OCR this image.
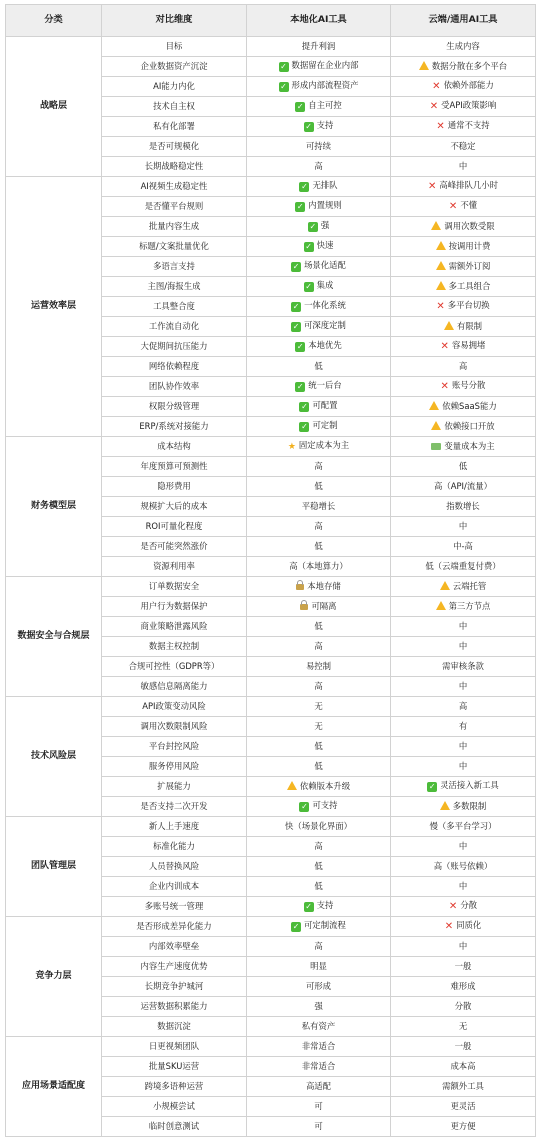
分类	对比维度	本地化AI工具	云端/通用AI工具
战略层	目标	提升利润	生成内容
	企业数据资产沉淀	✓ 数据留在企业内部	数据分散在多个平台
	AI能力内化	✓ 形成内部流程资产	✕ 依赖外部能力
	技术自主权	✓ 自主可控	✕ 受API政策影响
	私有化部署	✓ 支持	✕ 通常不支持
	是否可规模化	可持续	不稳定
	长期战略稳定性	高	中
运营效率层	AI视频生成稳定性	✓ 无排队	✕ 高峰排队几小时
	是否懂平台规则	✓ 内置规则	✕ 不懂
	批量内容生成	✓ 强	调用次数受限
	标题/文案批量优化	✓ 快速	按调用计费
	多语言支持	✓ 场景化适配	需额外订阅
	主图/海报生成	✓ 集成	多工具组合
	工具整合度	✓ 一体化系统	✕ 多平台切换
	工作流自动化	✓ 可深度定制	有限制
	大促期间抗压能力	✓ 本地优先	✕ 容易拥堵
	网络依赖程度	低	高
	团队协作效率	✓ 统一后台	✕ 账号分散
	权限分级管理	✓ 可配置	依赖SaaS能力
	ERP/系统对接能力	✓ 可定制	依赖接口开放
财务模型层	成本结构	★ 固定成本为主	变量成本为主
	年度预算可预测性	高	低
	隐形费用	低	高（API/流量）
	规模扩大后的成本	平稳增长	指数增长
	ROI可量化程度	高	中
	是否可能突然涨价	低	中-高
	资源利用率	高（本地算力）	低（云端重复付费）
数据安全与合规层	订单数据安全	本地存储	云端托管
	用户行为数据保护	可隔离	第三方节点
	商业策略泄露风险	低	中
	数据主权控制	高	中
	合规可控性（GDPR等）	易控制	需审核条款
	敏感信息隔离能力	高	中
技术风险层	API政策变动风险	无	高
	调用次数限制风险	无	有
	平台封控风险	低	中
	服务停用风险	低	中
	扩展能力	依赖版本升级	✓ 灵活接入新工具
	是否支持二次开发	✓ 可支持	多数限制
团队管理层	新人上手速度	快（场景化界面）	慢（多平台学习）
	标准化能力	高	中
	人员替换风险	低	高（账号依赖）
	企业内训成本	低	中
	多账号统一管理	✓ 支持	✕ 分散
竞争力层	是否形成差异化能力	✓ 可定制流程	✕ 同质化
	内部效率壁垒	高	中
	内容生产速度优势	明显	一般
	长期竞争护城河	可形成	难形成
	运营数据积累能力	强	分散
	数据沉淀	私有资产	无
应用场景适配度	日更视频团队	非常适合	一般
	批量SKU运营	非常适合	成本高
	跨境多语种运营	高适配	需额外工具
	小规模尝试	可	更灵活
	临时创意测试	可	更方便
